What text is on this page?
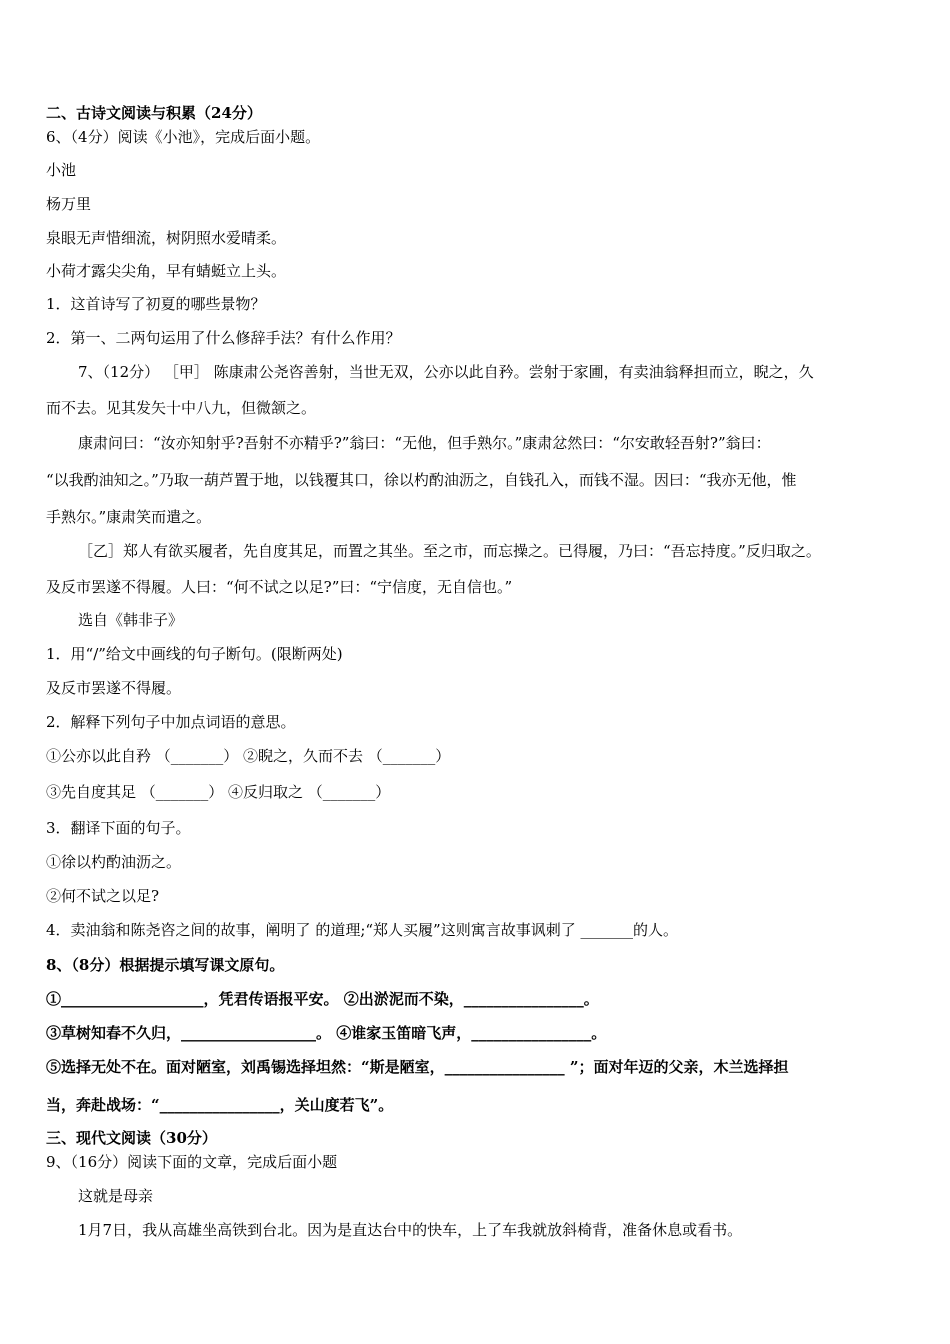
二、古诗文阅读与积累（24分）
6、（4分）阅读《小池》，完成后面小题。
小池
杨万里
泉眼无声惜细流，树阴照水爱晴柔。
小荷才露尖尖角，早有蜻蜓立上头。
1．这首诗写了初夏的哪些景物？
2．第一、二两句运用了什么修辞手法？有什么作用？
7、（12分） ［甲］ 陈康肃公尧咨善射，当世无双，公亦以此自矜。尝射于家圃，有卖油翁释担而立，睨之，久
而不去。见其发矢十中八九，但微颔之。
康肃问曰：“汝亦知射乎?吾射不亦精乎?”翁曰：“无他，但手熟尔。”康肃忿然曰：“尔安敢轻吾射?”翁曰：
“以我酌油知之。”乃取一葫芦置于地，以钱覆其口，徐以杓酌油沥之，自钱孔入，而钱不湿。因曰：“我亦无他，惟
手熟尔。”康肃笑而遣之。
［乙］郑人有欲买履者，先自度其足，而置之其坐。至之市，而忘操之。已得履，乃曰：“吾忘持度。”反归取之。
及反市罢遂不得履。人曰：“何不试之以足?”曰：“宁信度，无自信也。”
选自《韩非子》
1．用“/”给文中画线的句子断句。(限断两处)
及反市罢遂不得履。
2．解释下列句子中加点词语的意思。
①公亦以此自矜 （_______） ②睨之，久而不去 （_______）
③先自度其足 （_______） ④反归取之 （_______）
3．翻译下面的句子。
①徐以杓酌油沥之。
②何不试之以足?
4．卖油翁和陈尧咨之间的故事，阐明了 的道理;“郑人买履”这则寓言故事讽刺了 _______的人。
8、（8分）根据提示填写课文原句。
①___________________，凭君传语报平安。 ②出淤泥而不染，________________。
③草树知春不久归，__________________。 ④谁家玉笛暗飞声，________________。
⑤选择无处不在。面对陋室，刘禹锡选择坦然：“斯是陋室，________________ ”；面对年迈的父亲，木兰选择担
当，奔赴战场：“________________，关山度若飞”。
三、现代文阅读（30分）
9、（16分）阅读下面的文章，完成后面小题
这就是母亲
1月7日，我从高雄坐高铁到台北。因为是直达台中的快车，上了车我就放斜椅背，准备休息或看书。
